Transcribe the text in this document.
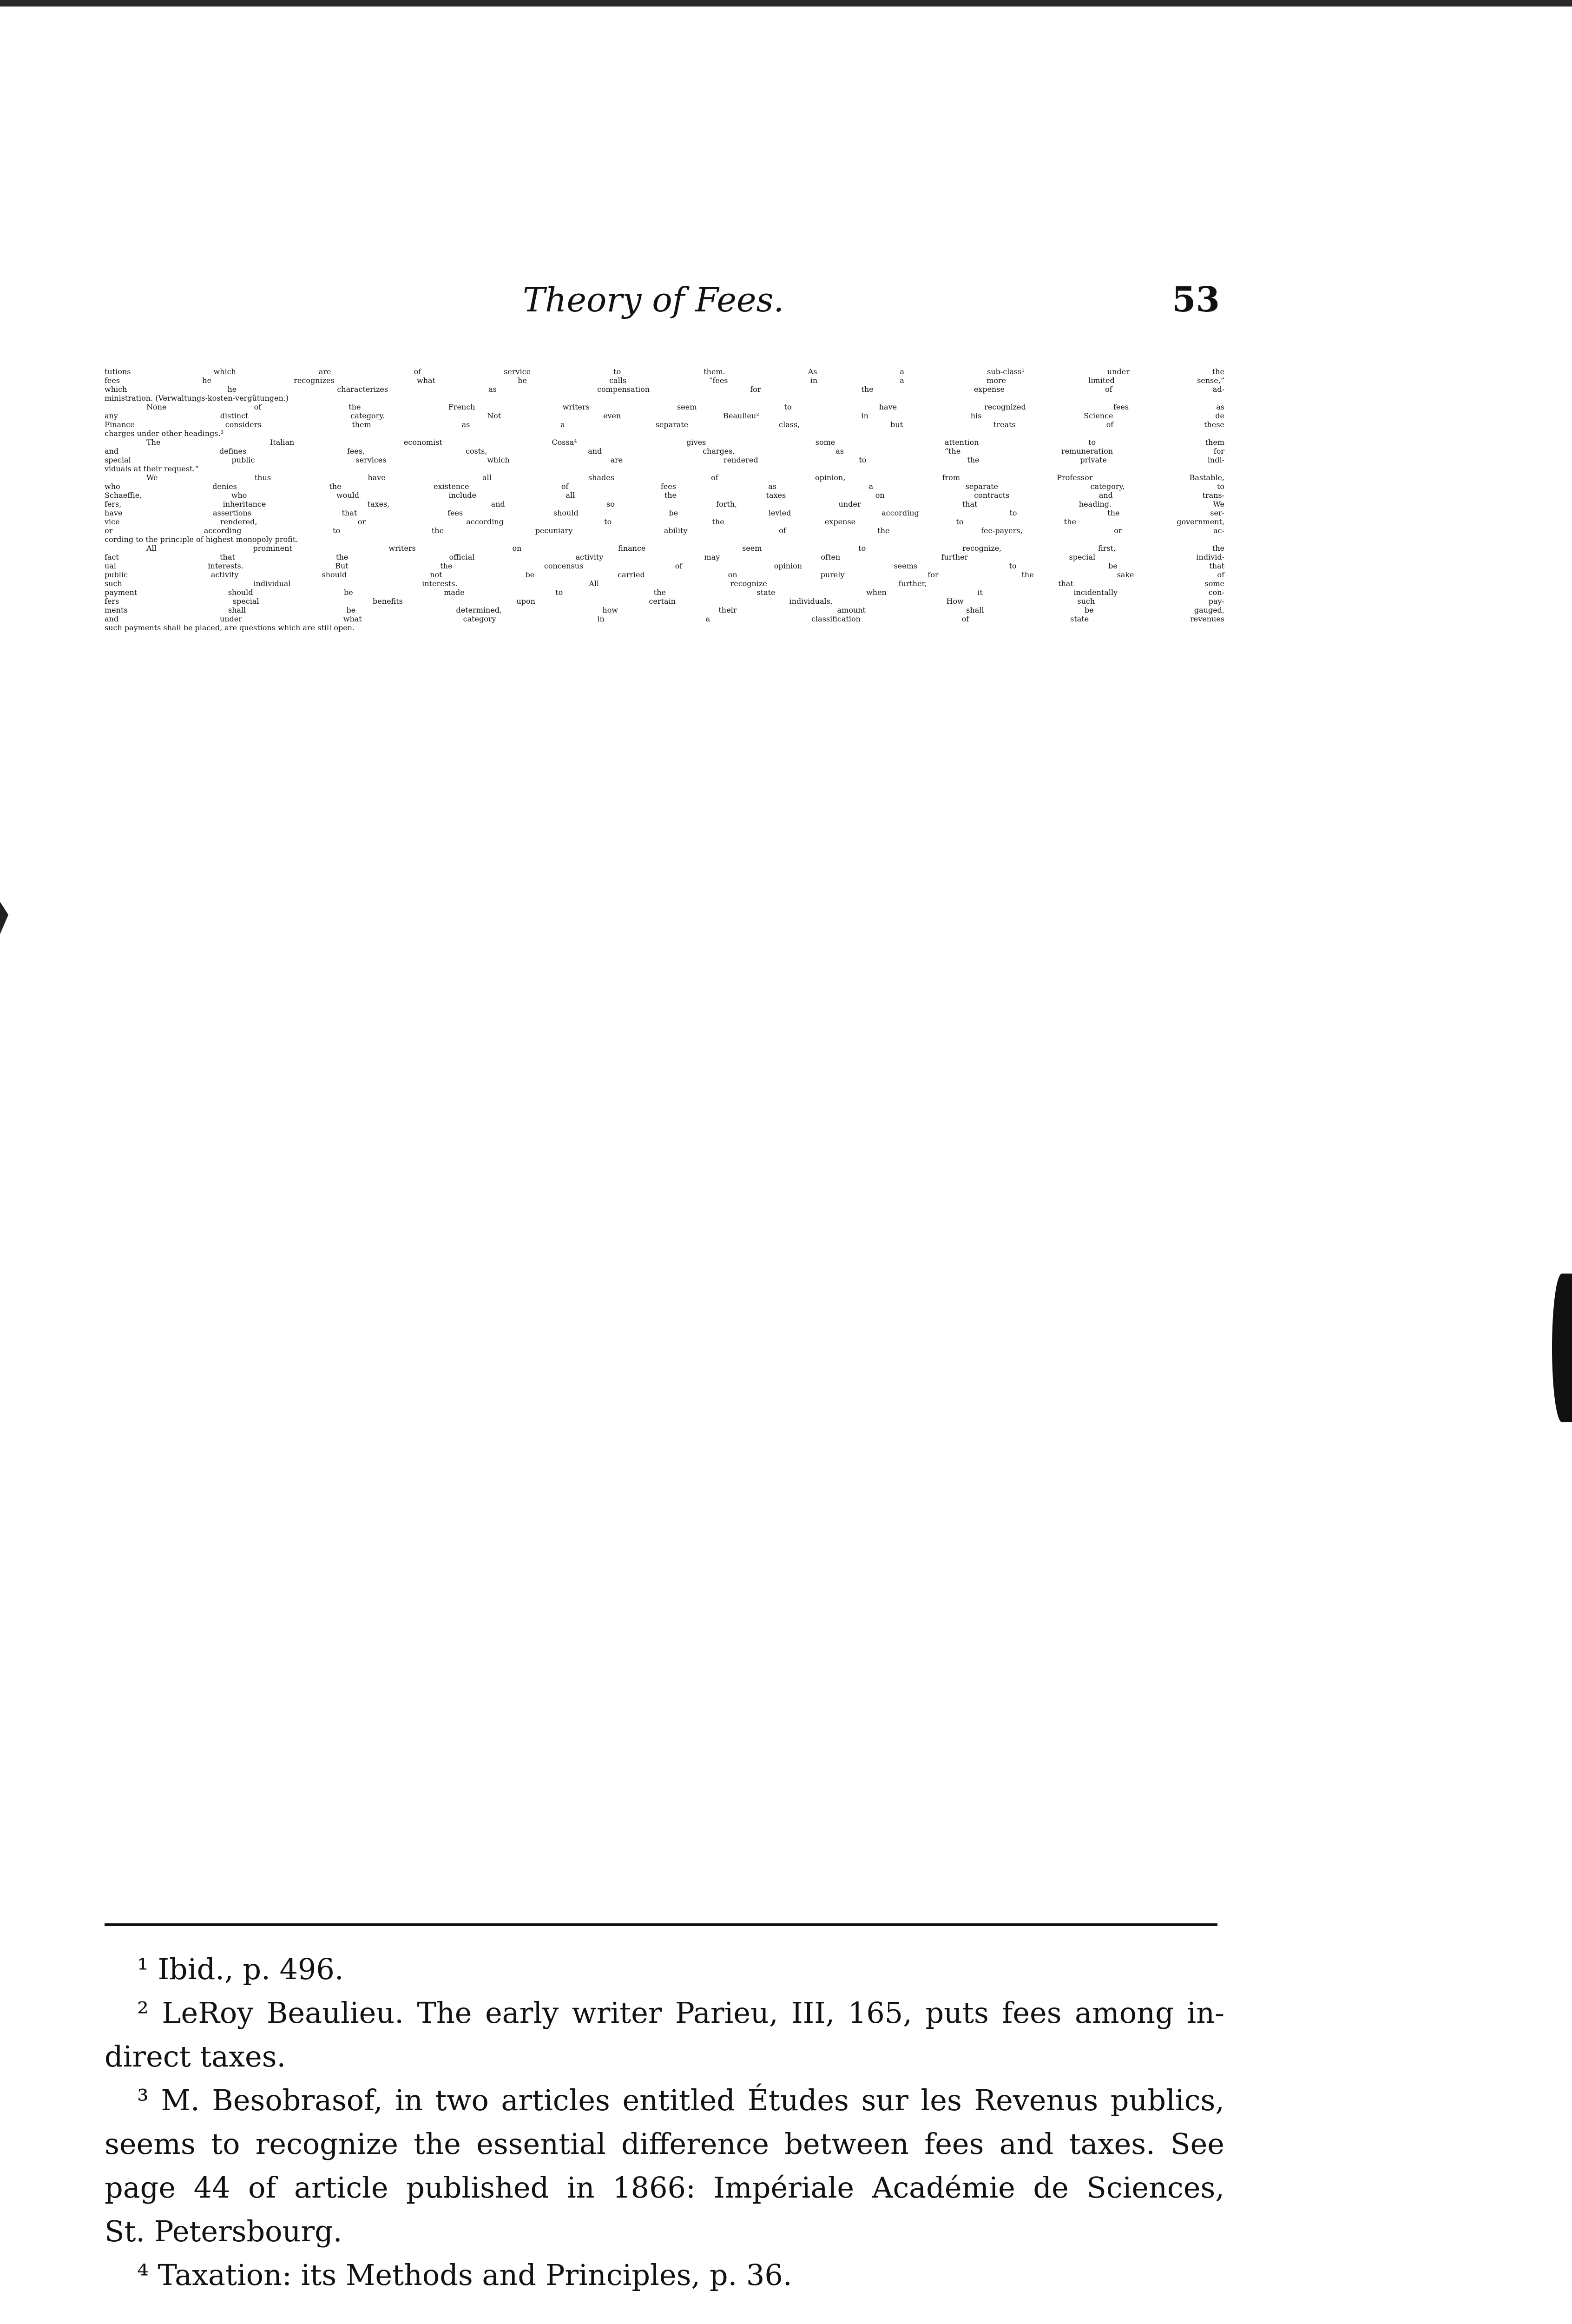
Theory of Fees.	53
tutions which are of service to them. As a sub-class¹ under the
fees he recognizes what he calls “fees in a more limited sense,”
which he characterizes as compensation for the expense of ad-
ministration. (Verwaltungs-kosten-vergütungen.)
None of the French writers seem to have recognized fees as
any distinct category. Not even Beaulieu² in his Science de
Finance considers them as a separate class, but treats of these
charges under other headings.³
The Italian economist Cossa⁴ gives some attention to them
and defines fees, costs, and charges, as “the remuneration for
special public services which are rendered to the private indi-
viduals at their request.”
We thus have all shades of opinion, from Professor Bastable,
who denies the existence of fees as a separate category, to
Schaeffie, who would include all the taxes on contracts and trans-
fers, inheritance taxes, and so forth, under that heading. We
have assertions that fees should be levied according to the ser-
vice rendered, or according to the expense to the government,
or according to the pecuniary ability of the fee-payers, or ac-
cording to the principle of highest monopoly profit.
All prominent writers on finance seem to recognize, first, the
fact that the official activity may often further special individ-
ual interests. But the concensus of opinion seems to be that
public activity should not be carried on purely for the sake of
such individual interests. All recognize further, that some
payment should be made to the state when it incidentally con-
fers special benefits upon certain individuals. How such pay-
ments shall be determined, how their amount shall be gauged,
and under what category in a classification of state revenues
such payments shall be placed, are questions which are still open.
¹ Ibid., p. 496.
² LeRoy Beaulieu. The early writer Parieu, III, 165, puts fees among in-
direct taxes.
³ M. Besobrasof, in two articles entitled Études sur les Revenus publics,
seems to recognize the essential difference between fees and taxes. See
page 44 of article published in 1866: Impériale Académie de Sciences,
St. Petersbourg.
⁴ Taxation: its Methods and Principles, p. 36.
